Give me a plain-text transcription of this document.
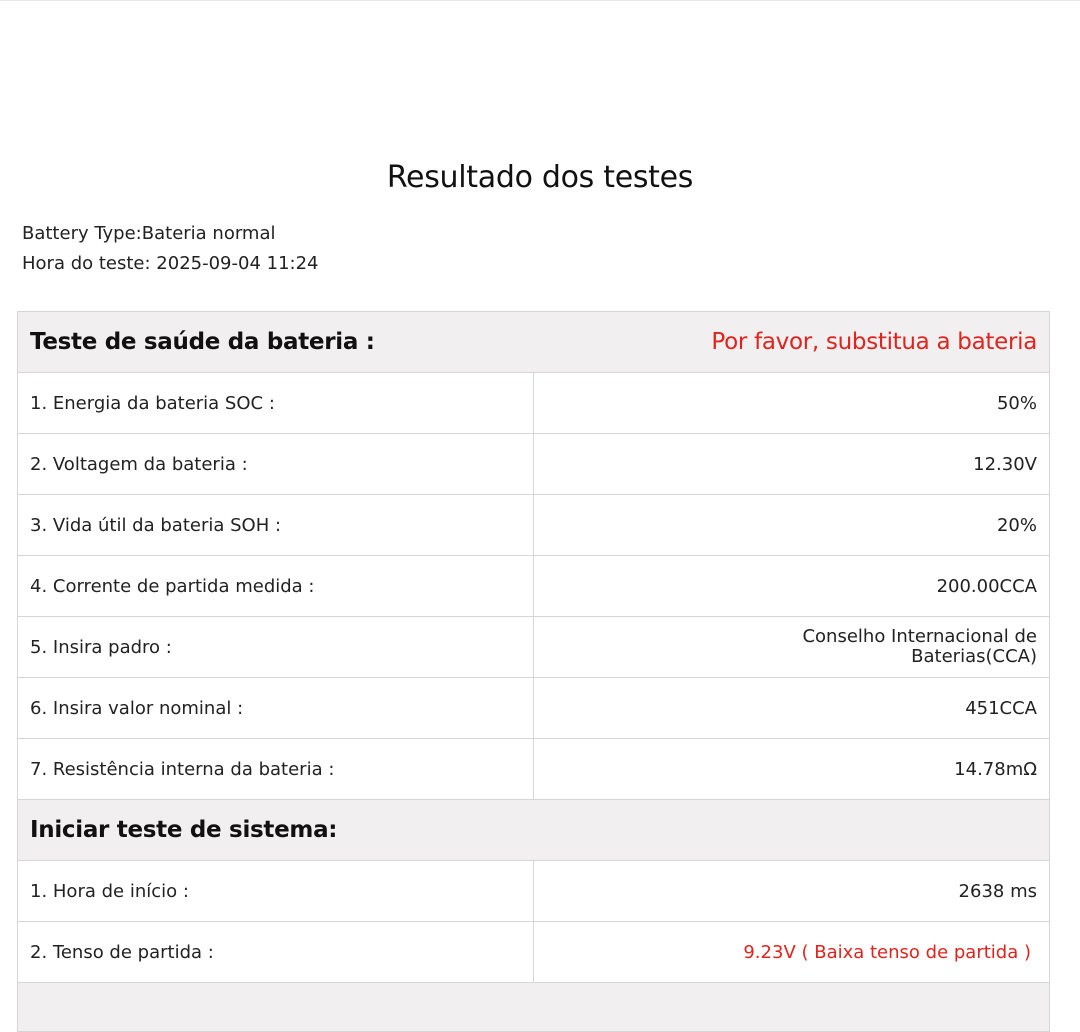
Resultado dos testes
Battery Type:Bateria normal
Hora do teste: 2025-09-04 11:24
Por favor, substitua a bateria
Teste de saúde da bateria :	
1. Energia da bateria SOC :	50%
2. Voltagem da bateria :	12.30V
3. Vida útil da bateria SOH :	20%
4. Corrente de partida medida :	200.00CCA
5. Insira padro :	Conselho Internacional de
Baterias(CCA)

6. Insira valor nominal :	451CCA
7. Resistência interna da bateria :	14.78mΩ
Iniciar teste de sistema:	
1. Hora de início :	2638 ms
2. Tenso de partida :	9.23V ( Baixa tenso de partida )
